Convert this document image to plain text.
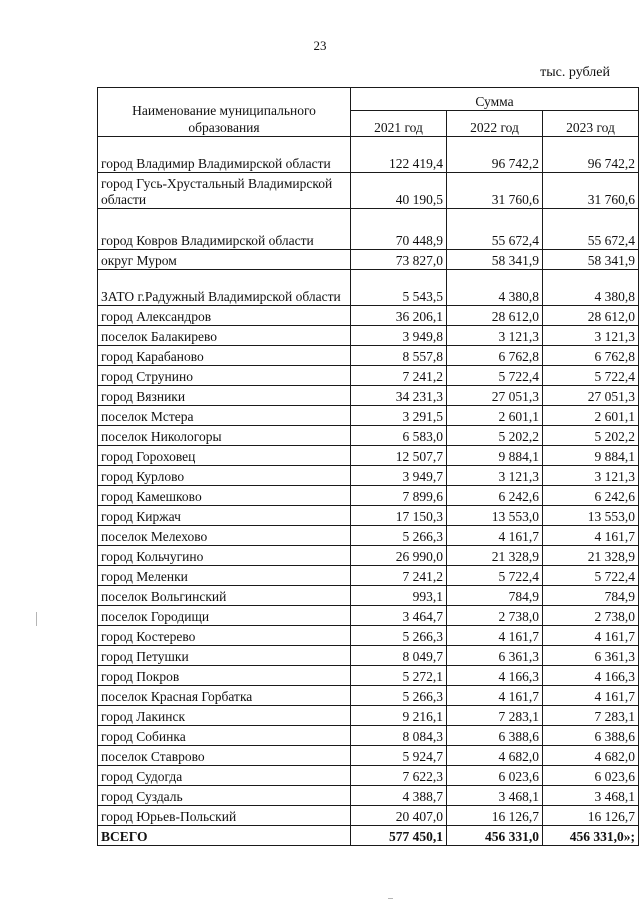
23
тыс. рублей
Наименование муниципального образования	Сумма		
	2021 год	2022 год	2023 год
город Владимир Владимирской области	122 419,4	96 742,2	96 742,2
город Гусь-Хрустальный Владимирской области	40 190,5	31 760,6	31 760,6
город Ковров Владимирской области	70 448,9	55 672,4	55 672,4
округ Муром	73 827,0	58 341,9	58 341,9
ЗАТО г.Радужный Владимирской области	5 543,5	4 380,8	4 380,8
город Александров	36 206,1	28 612,0	28 612,0
поселок Балакирево	3 949,8	3 121,3	3 121,3
город Карабаново	8 557,8	6 762,8	6 762,8
город Струнино	7 241,2	5 722,4	5 722,4
город Вязники	34 231,3	27 051,3	27 051,3
поселок Мстера	3 291,5	2 601,1	2 601,1
поселок Никологоры	6 583,0	5 202,2	5 202,2
город Гороховец	12 507,7	9 884,1	9 884,1
город Курлово	3 949,7	3 121,3	3 121,3
город Камешково	7 899,6	6 242,6	6 242,6
город Киржач	17 150,3	13 553,0	13 553,0
поселок Мелехово	5 266,3	4 161,7	4 161,7
город Кольчугино	26 990,0	21 328,9	21 328,9
город Меленки	7 241,2	5 722,4	5 722,4
поселок Вольгинский	993,1	784,9	784,9
поселок Городищи	3 464,7	2 738,0	2 738,0
город Костерево	5 266,3	4 161,7	4 161,7
город Петушки	8 049,7	6 361,3	6 361,3
город Покров	5 272,1	4 166,3	4 166,3
поселок Красная Горбатка	5 266,3	4 161,7	4 161,7
город Лакинск	9 216,1	7 283,1	7 283,1
город Собинка	8 084,3	6 388,6	6 388,6
поселок Ставрово	5 924,7	4 682,0	4 682,0
город Судогда	7 622,3	6 023,6	6 023,6
город Суздаль	4 388,7	3 468,1	3 468,1
город Юрьев-Польский	20 407,0	16 126,7	16 126,7
ВСЕГО	577 450,1	456 331,0	456 331,0»;
